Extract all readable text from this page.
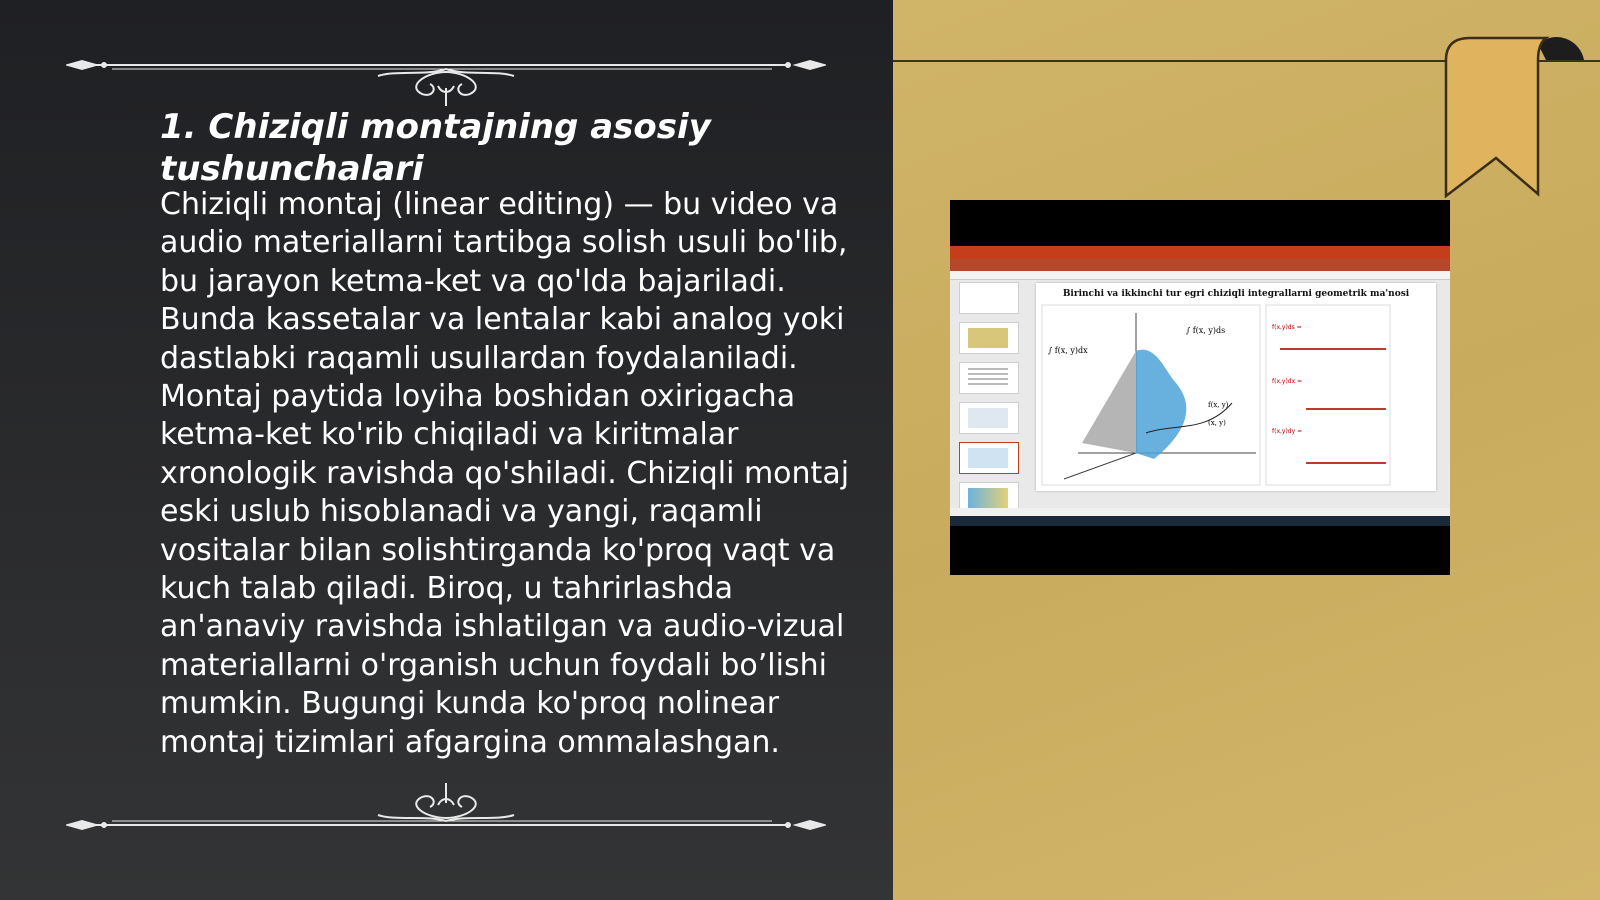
1. Chiziqli montajning asosiy tushunchalari

Chiziqli montaj (linear editing) — bu video va audio materiallarni tartibga solish usuli bo'lib, bu jarayon ketma-ket va qo'lda bajariladi. Bunda kassetalar va lentalar kabi analog yoki dastlabki raqamli usullardan foydalaniladi. Montaj paytida loyiha boshidan oxirigacha ketma-ket ko'rib chiqiladi va kiritmalar xronologik ravishda qo'shiladi. Chiziqli montaj eski uslub hisoblanadi va yangi, raqamli vositalar bilan solishtirganda ko'proq vaqt va kuch talab qiladi. Biroq, u tahrirlashda an'anaviy ravishda ishlatilgan va audio-vizual materiallarni o'rganish uchun foydali bo’lishi mumkin. Bugungi kunda ko'proq nolinear montaj tizimlari afgargina ommalashgan.

Birinchi va ikkinchi tur egri chiziqli integrallarni geometrik ma'nosi
∫ f(x, y)dx
∫ f(x, y)ds
f(x, y)
(x, y)
f(x,y)ds =
f(x,y)dx =
f(x,y)dy =
